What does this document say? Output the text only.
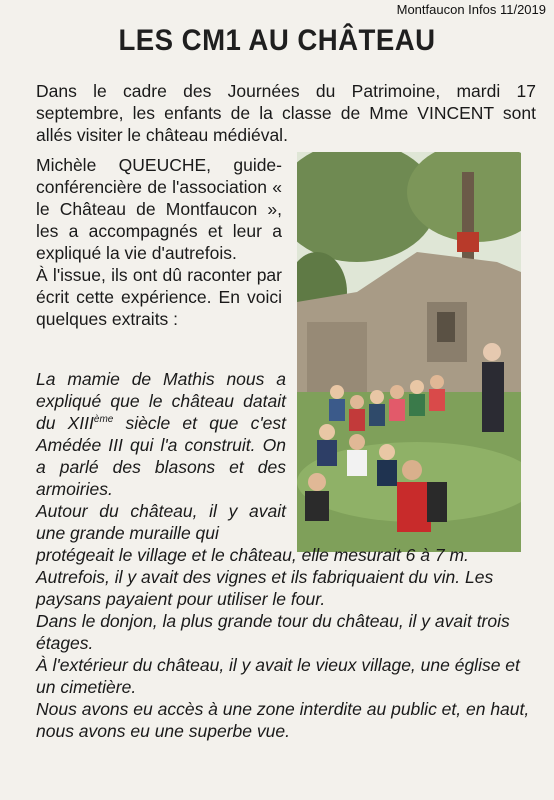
Montfaucon Infos 11/2019
LES CM1 AU CHÂTEAU

Dans le cadre des Journées du Patrimoine, mardi 17 septembre, les enfants de la classe de Mme VINCENT sont allés visiter le château médiéval.

Michèle QUEUCHE, guide-conférencière de l'association « le Château de Montfaucon », les a accompagnés et leur a expliqué la vie d'autrefois.

À l'issue, ils ont dû raconter par écrit cette expérience. En voici quelques extraits :

La mamie de Mathis nous a expliqué que le château datait du XIIIème siècle et que c'est Amédée III qui l'a construit. On a parlé des blasons et des armoiries.

Autour du château, il y avait une grande muraille qui

protégeait le village et le château, elle mesurait 6 à 7 m.

Autrefois, il y avait des vignes et ils fabriquaient du vin. Les paysans payaient pour utiliser le four.

Dans le donjon, la plus grande tour du château, il y avait trois étages.

À l'extérieur du château, il y avait le vieux village, une église et un cimetière.

Nous avons eu accès à une zone interdite au public et, en haut, nous avons eu une superbe vue.
